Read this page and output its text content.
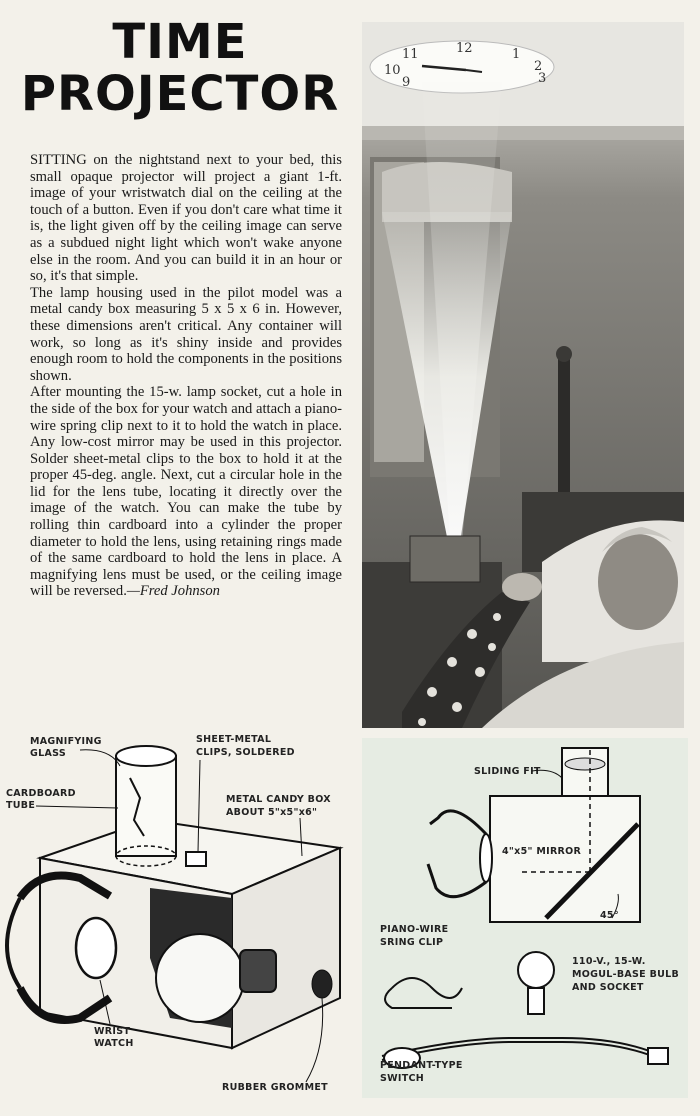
TIME
PROJECTOR

SITTING on the nightstand next to your bed, this small opaque projector will project a giant 1-ft. image of your wristwatch dial on the ceiling at the touch of a button. Even if you don't care what time it is, the light given off by the ceiling image can serve as a subdued night light which won't wake anyone else in the room. And you can build it in an hour or so, it's that simple.

The lamp housing used in the pilot model was a metal candy box measuring 5 x 5 x 6 in. However, these dimensions aren't critical. Any container will work, so long as it's shiny inside and provides enough room to hold the components in the positions shown.

After mounting the 15-w. lamp socket, cut a hole in the side of the box for your watch and attach a piano-wire spring clip next to it to hold the watch in place. Any low-cost mirror may be used in this projector. Solder sheet-metal clips to the box to hold it at the proper 45-deg. angle. Next, cut a circular hole in the lid for the lens tube, locating it directly over the image of the watch. You can make the tube by rolling thin cardboard into a cylinder the proper diameter to hold the lens, using retaining rings made of the same cardboard to hold the lens in place. A magnifying lens must be used, or the ceiling image will be reversed.—Fred Johnson

10
11	12	1
2
3
9
MAGNIFYING
GLASS
SHEET-METAL
CLIPS, SOLDERED
CARDBOARD
TUBE
METAL CANDY BOX
ABOUT 5"x5"x6"
WRIST
WATCH
RUBBER GROMMET
SLIDING FIT
4"x5" MIRROR
45°
PIANO-WIRE
SRING CLIP
110-V., 15-W.
MOGUL-BASE BULB
AND SOCKET
PENDANT-TYPE
SWITCH
